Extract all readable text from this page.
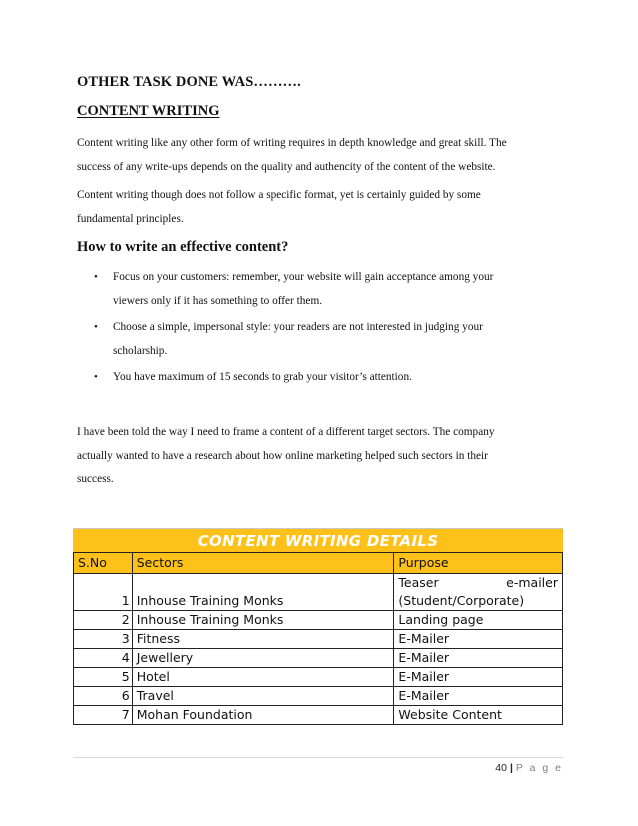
OTHER TASK DONE WAS……….
CONTENT WRITING
Content writing like any other form of writing requires in depth knowledge and great skill. The
success of any write-ups depends on the quality and authencity of the content of the website.
Content writing though does not follow a specific format, yet is certainly guided by some
fundamental principles.
How to write an effective content?
• Focus on your customers: remember, your website will gain acceptance among your
viewers only if it has something to offer them.
• Choose a simple, impersonal style: your readers are not interested in judging your
scholarship.
• You have maximum of 15 seconds to grab your visitor’s attention.
I have been told the way I need to frame a content of a different target sectors. The company
actually wanted to have a research about how online marketing helped such sectors in their
success.
CONTENT WRITING DETAILS
S.No	Sectors	Purpose
1	Inhouse Training Monks	Teaser e-mailer

		(Student/Corporate)
2	Inhouse Training Monks	Landing page
3	Fitness	E-Mailer
4	Jewellery	E-Mailer
5	Hotel	E-Mailer
6	Travel	E-Mailer
7	Mohan Foundation	Website Content
40 | P a g e
